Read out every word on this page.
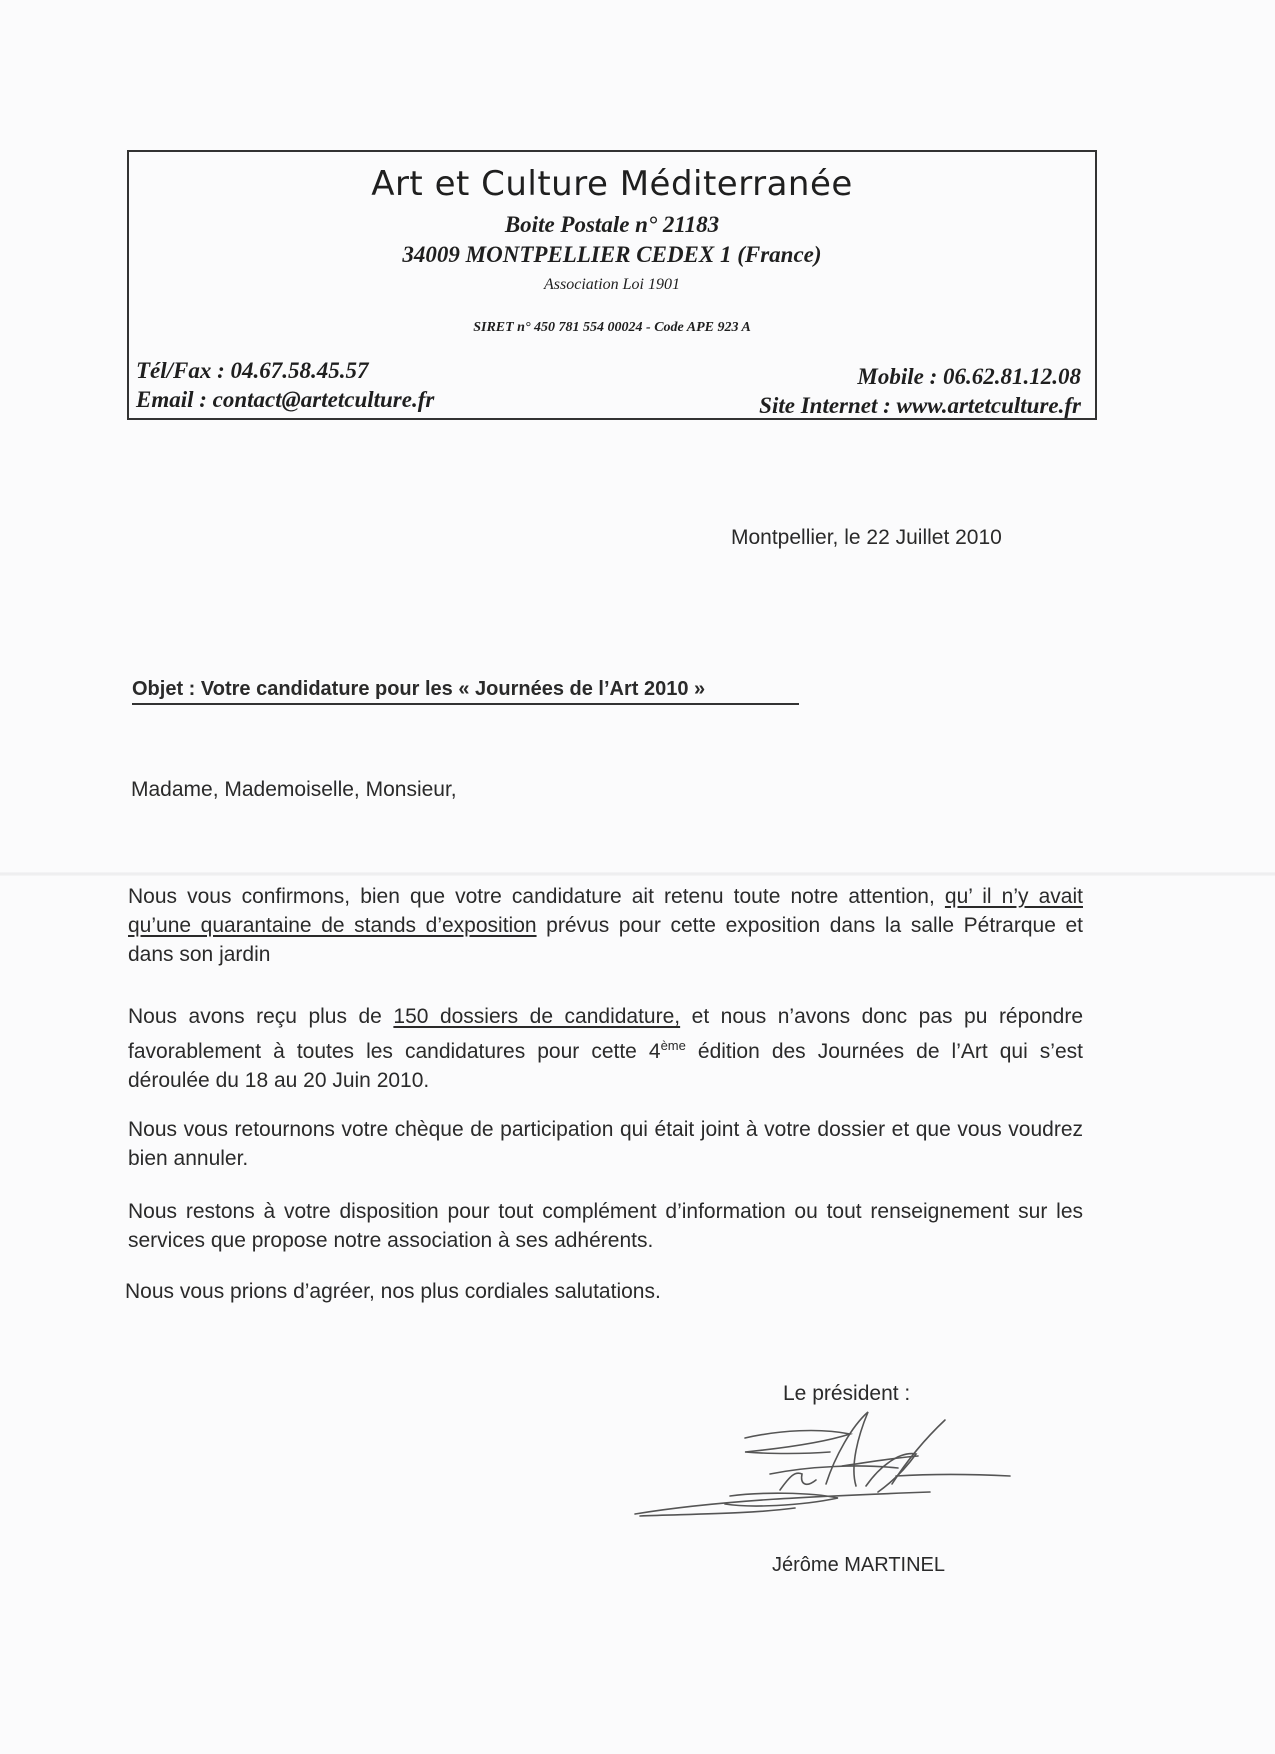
Art et Culture Méditerranée
Boite Postale n° 21183
34009 MONTPELLIER CEDEX 1 (France)
Association Loi 1901
SIRET n° 450 781 554 00024 - Code APE 923 A
Tél/Fax : 04.67.58.45.57
Email : contact@artetculture.fr
Mobile : 06.62.81.12.08
Site Internet : www.artetculture.fr
Montpellier, le 22 Juillet 2010
Objet : Votre candidature pour les « Journées de l’Art 2010 »
Madame, Mademoiselle, Monsieur,
Nous vous confirmons, bien que votre candidature ait retenu toute notre attention, qu’ il n’y avait qu’une quarantaine de stands d’exposition prévus pour cette exposition dans la salle Pétrarque et dans son jardin
Nous avons reçu plus de 150 dossiers de candidature, et nous n’avons donc pas pu répondre favorablement à toutes les candidatures pour cette 4ème édition des Journées de l’Art qui s’est déroulée du 18 au 20 Juin 2010.
Nous vous retournons votre chèque de participation qui était joint à votre dossier et que vous voudrez bien annuler.
Nous restons à votre disposition pour tout complément d’information ou tout renseignement sur les services que propose notre association à ses adhérents.
Nous vous prions d’agréer, nos plus cordiales salutations.
Le président :
Jérôme MARTINEL
